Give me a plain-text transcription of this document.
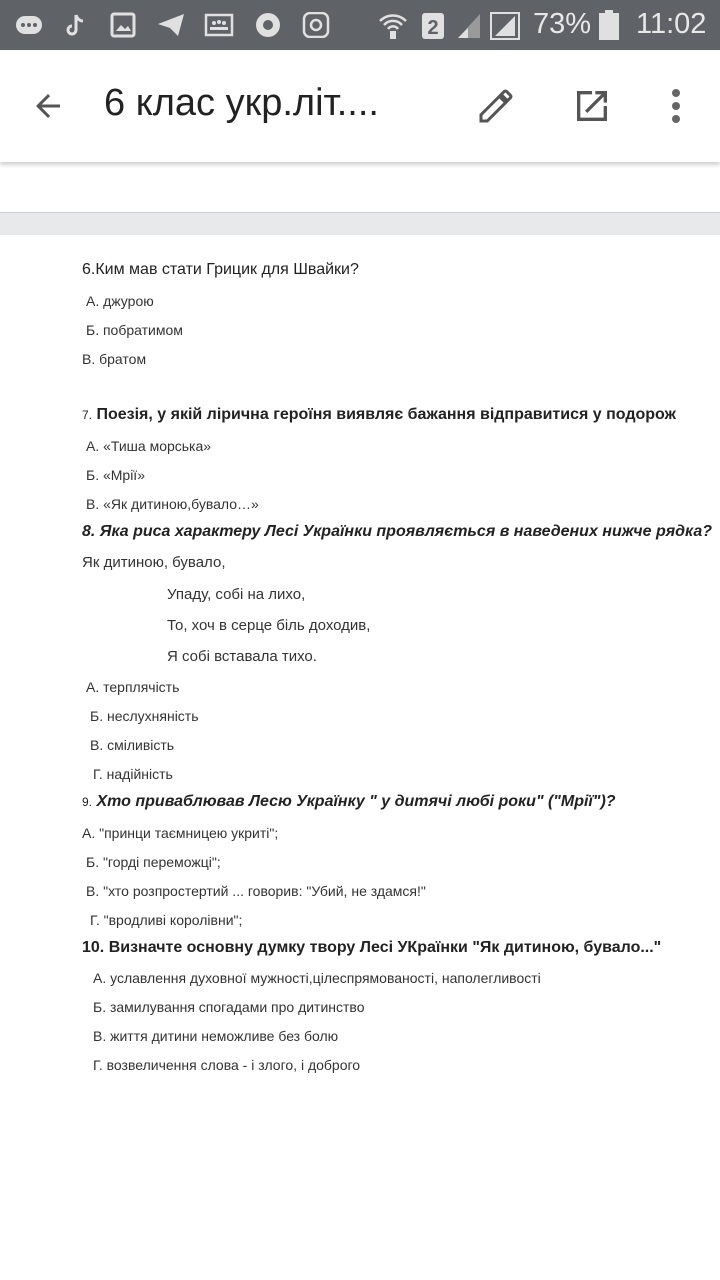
2	73% 11:02
6 клас укр.літ....
6.Ким мав стати Грицик для Швайки?
А. джурою
Б. побратимом
В. братом
7. Поезія, у якій лірична героїня виявляє бажання відправитися у подорож
А. «Тиша морська»
Б. «Мрії»
В. «Як дитиною,бувало…»
8. Яка риса характеру Лесі Українки проявляється в наведених нижче рядка?
Як дитиною, бувало,
Упаду, собі на лихо,
То, хоч в серце біль доходив,
Я собі вставала тихо.
А. терплячість
Б. неслухняність
В. сміливість
Г. надійність
9. Хто приваблював Лесю Українку " у дитячі любі роки" ("Мрії")?
А. "принци таємницею укриті";
Б. "горді переможці";
В. "хто розпростертий ... говорив: "Убий, не здамся!"
Г. "вродливі королівни";
10. Визначте основну думку твору Лесі УКраїнки "Як дитиною, бувало..."
А. уславлення духовної мужності,цілеспрямованості, наполегливості
Б. замилування спогадами про дитинство
В. життя дитини неможливе без болю
Г. возвеличення слова - і злого, і доброго
